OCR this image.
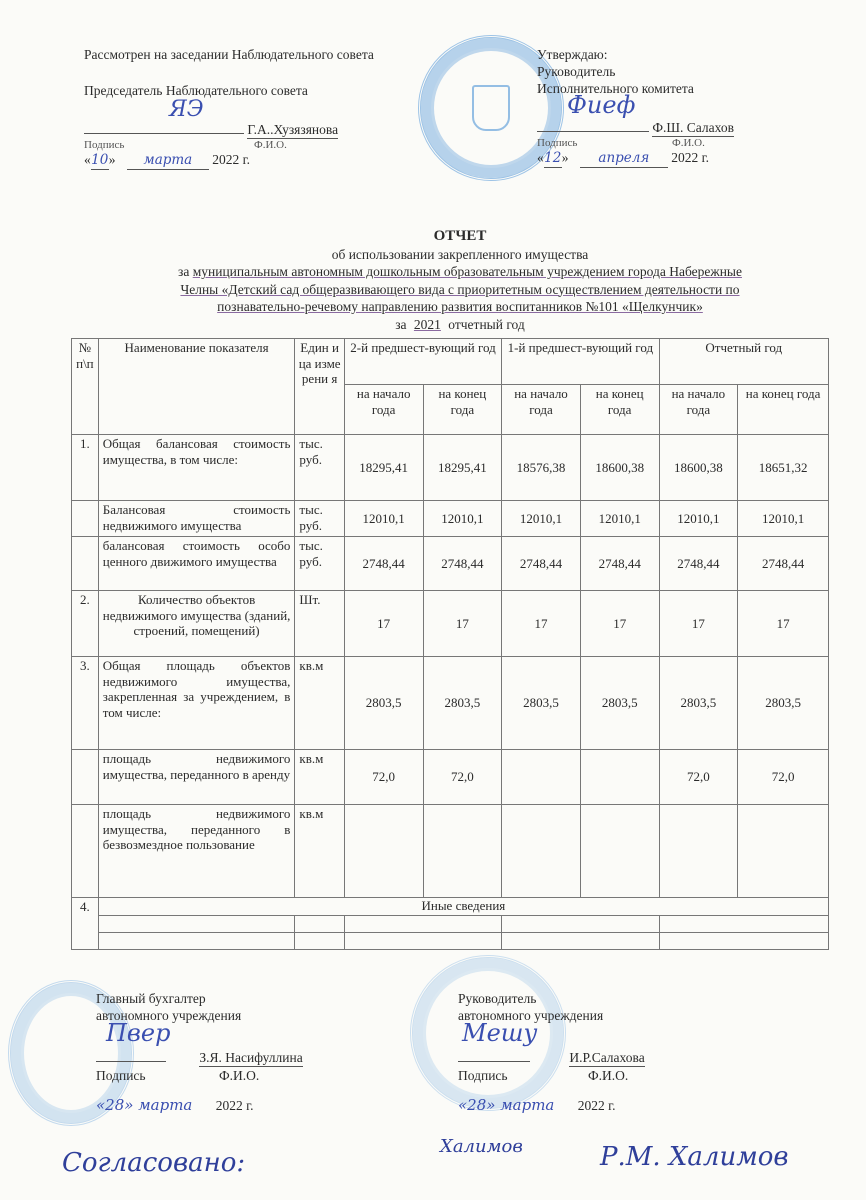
Рассмотрен на заседании Наблюдательного совета
Председатель Наблюдательного совета

ЯЭ
Г.А..Хузязянова
Подпись	Ф.И.О.
«10» марта 2022 г.
Утверждаю:
Руководитель
Исполнительного комитета

Фиеф
Ф.Ш. Салахов
Подпись	Ф.И.О.
«12» апреля 2022 г.
ОТЧЕТ
об использовании закрепленного имущества
за муниципальным автономным дошкольным образовательным учреждением города Набережные
Челны «Детский сад общеразвивающего вида с приоритетным осуществлением деятельности по
познавательно-речевому направлению развития воспитанников №101 «Щелкунчик»
за 2021 отчетный год
№ п\п	Наименование показателя	Един ица изме рени я	2-й предшест-вующий год		1-й предшест-вующий год		Отчетный год	
			на начало года	на конец года	на начало года	на конец года	на начало года	на конец года
1.	Общая балансовая стоимость имущества, в том числе:	тыс. руб.	18295,41	18295,41	18576,38	18600,38	18600,38	18651,32
	Балансовая стоимость недвижимого имущества	тыс. руб.	12010,1	12010,1	12010,1	12010,1	12010,1	12010,1
	балансовая стоимость особо ценного движимого имущества	тыс. руб.	2748,44	2748,44	2748,44	2748,44	2748,44	2748,44
2.	Количество объектов недвижимого имущества (зданий, строений, помещений)	Шт.	17	17	17	17	17	17
3.	Общая площадь объектов недвижимого имущества, закрепленная за учреждением, в том числе:	кв.м	2803,5	2803,5	2803,5	2803,5	2803,5	2803,5
	площадь недвижимого имущества, переданного в аренду	кв.м	72,0	72,0			72,0	72,0
	площадь недвижимого имущества, переданного в безвозмездное пользование	кв.м						
4.	Иные сведения							

Главный бухгалтер
автономного учреждения

Пвер
З.Я. Насифуллина
Подпись	Ф.И.О.
«28» марта 2022 г.
Руководитель
автономного учреждения

Мешу
И.Р.Салахова
Подпись	Ф.И.О.
«28» марта 2022 г.
Согласовано:
Халимов	Р.М. Халимов
